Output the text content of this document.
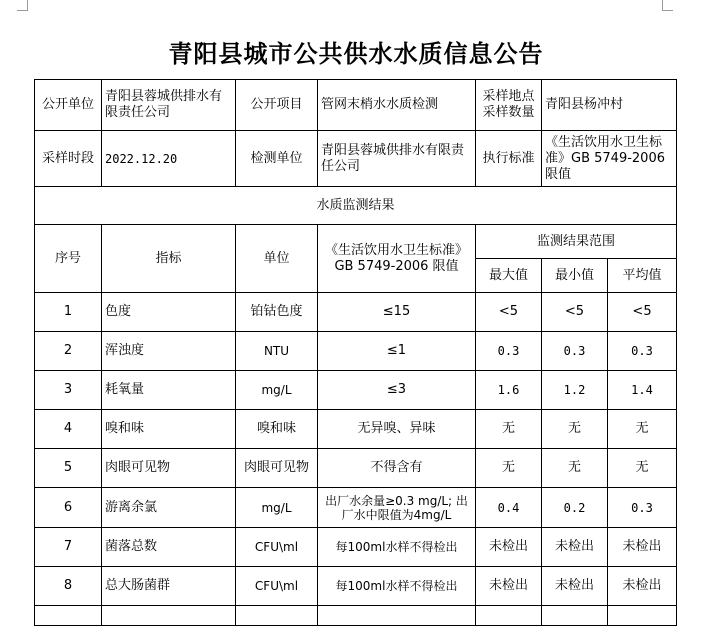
青阳县城市公共供水水质信息公告
公开单位	青阳县蓉城供排水有限责任公司	公开项目	管网末梢水水质检测	采样地点采样数量	青阳县杨冲村	
采样时段	2022.12.20	检测单位	青阳县蓉城供排水有限责任公司	执行标准	《生活饮用水卫生标准》GB 5749-2006 限值	
水质监测结果						
序号	指标	单位	《生活饮用水卫生标准》GB 5749-2006 限值	监测结果范围		
				最大值	最小值	平均值
1	色度	铂钴色度	≤15	<5	<5	<5
2	浑浊度	NTU	≤1	0.3	0.3	0.3
3	耗氧量	mg/L	≤3	1.6	1.2	1.4
4	嗅和味	嗅和味	无异嗅、异味	无	无	无
5	肉眼可见物	肉眼可见物	不得含有	无	无	无
6	游离余氯	mg/L	出厂水余量≥0.3 mg/L; 出厂水中限值为4mg/L	0.4	0.2	0.3
7	菌落总数	CFU\ml	每100ml水样不得检出	未检出	未检出	未检出
8	总大肠菌群	CFU\ml	每100ml水样不得检出	未检出	未检出	未检出
